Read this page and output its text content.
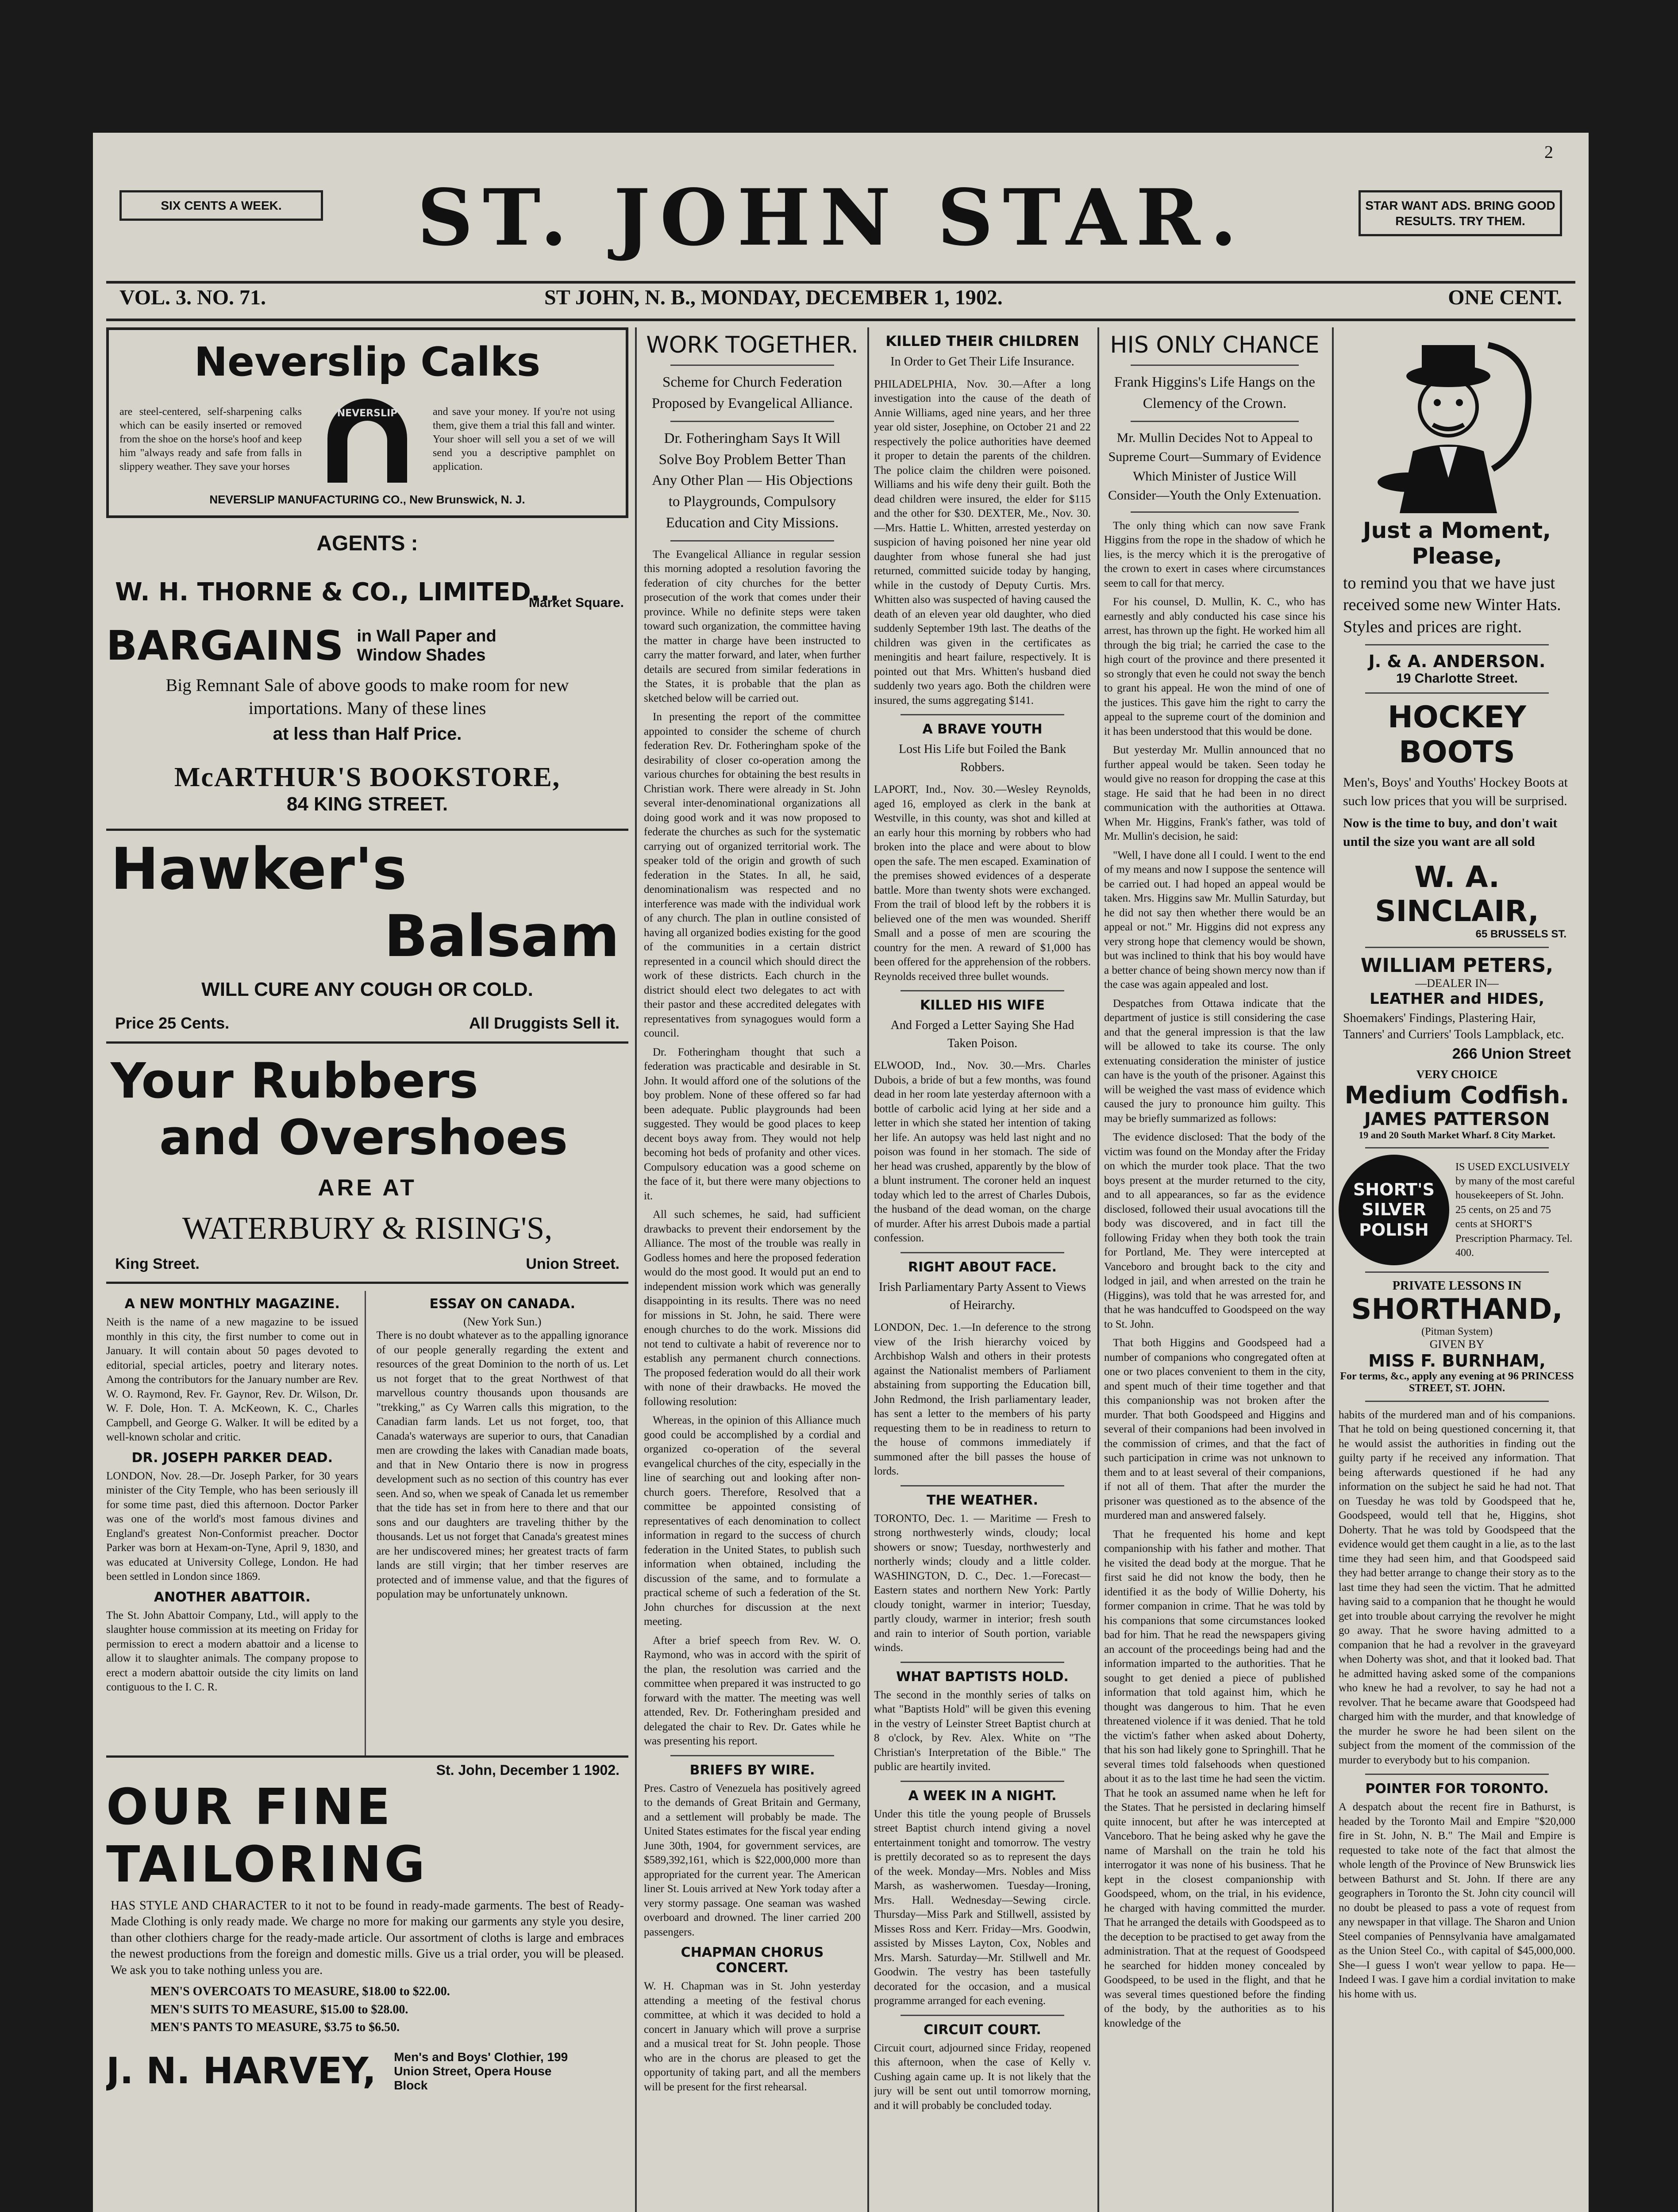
2
SIX CENTS A WEEK.	ST. JOHN STAR.	STAR WANT ADS. BRING GOOD RESULTS. TRY THEM.
VOL. 3. NO. 71.	ST JOHN, N. B., MONDAY, DECEMBER 1, 1902.	ONE CENT.
Neverslip Calks
are steel-centered, self-sharpening calks which can be easily inserted or removed from the shoe on the horse's hoof and keep him "always ready and safe from falls in slippery weather. They save your horses
NEVERSLIP	and save your money. If you're not using them, give them a trial this fall and winter. Your shoer will sell you a set of we will send you a descriptive pamphlet on application.
NEVERSLIP MANUFACTURING CO., New Brunswick, N. J.
AGENTS :
W. H. THORNE & CO., LIMITED...
Market Square.
BARGAINS in Wall Paper and Window Shades
Big Remnant Sale of above goods to make room for new importations. Many of these lines
at less than Half Price.
McARTHUR'S BOOKSTORE,
84 KING STREET.
Hawker's
Balsam
WILL CURE ANY COUGH OR COLD.
Price 25 Cents.	All Druggists Sell it.
Your Rubbers
and Overshoes
ARE AT
WATERBURY & RISING'S,
King Street.	Union Street.
A NEW MONTHLY MAGAZINE.
Neith is the name of a new magazine to be issued monthly in this city, the first number to come out in January. It will contain about 50 pages devoted to editorial, special articles, poetry and literary notes. Among the contributors for the January number are Rev. W. O. Raymond, Rev. Fr. Gaynor, Rev. Dr. Wilson, Dr. W. F. Dole, Hon. T. A. McKeown, K. C., Charles Campbell, and George G. Walker. It will be edited by a well-known scholar and critic.
DR. JOSEPH PARKER DEAD.
LONDON, Nov. 28.—Dr. Joseph Parker, for 30 years minister of the City Temple, who has been seriously ill for some time past, died this afternoon. Doctor Parker was one of the world's most famous divines and England's greatest Non-Conformist preacher. Doctor Parker was born at Hexam-on-Tyne, April 9, 1830, and was educated at University College, London. He had been settled in London since 1869.
ANOTHER ABATTOIR.
The St. John Abattoir Company, Ltd., will apply to the slaughter house commission at its meeting on Friday for permission to erect a modern abattoir and a license to allow it to slaughter animals. The company propose to erect a modern abattoir outside the city limits on land contiguous to the I. C. R.
ESSAY ON CANADA.
(New York Sun.)
There is no doubt whatever as to the appalling ignorance of our people generally regarding the extent and resources of the great Dominion to the north of us. Let us not forget that to the great Northwest of that marvellous country thousands upon thousands are "trekking," as Cy Warren calls this migration, to the Canadian farm lands. Let us not forget, too, that Canada's waterways are superior to ours, that Canadian men are crowding the lakes with Canadian made boats, and that in New Ontario there is now in progress development such as no section of this country has ever seen. And so, when we speak of Canada let us remember that the tide has set in from here to there and that our sons and our daughters are traveling thither by the thousands. Let us not forget that Canada's greatest mines are her undiscovered mines; her greatest tracts of farm lands are still virgin; that her timber reserves are protected and of immense value, and that the figures of population may be unfortunately unknown.
St. John, December 1 1902.
OUR FINE TAILORING
HAS STYLE AND CHARACTER to it not to be found in ready-made garments. The best of Ready-Made Clothing is only ready made. We charge no more for making our garments any style you desire, than other clothiers charge for the ready-made article. Our assortment of cloths is large and embraces the newest productions from the foreign and domestic mills. Give us a trial order, you will be pleased. We ask you to take nothing unless you are.
MEN'S OVERCOATS TO MEASURE, $18.00 to $22.00.
MEN'S SUITS TO MEASURE, $15.00 to $28.00.
MEN'S PANTS TO MEASURE, $3.75 to $6.50.
J. N. HARVEY, Men's and Boys' Clothier, 199 Union Street, Opera House Block
WORK TOGETHER.
Scheme for Church Federation Proposed by Evangelical Alliance.
Dr. Fotheringham Says It Will Solve Boy Problem Better Than Any Other Plan — His Objections to Playgrounds, Compulsory Education and City Missions.

The Evangelical Alliance in regular session this morning adopted a resolution favoring the federation of city churches for the better prosecution of the work that comes under their province. While no definite steps were taken toward such organization, the committee having the matter in charge have been instructed to carry the matter forward, and later, when further details are secured from similar federations in the States, it is probable that the plan as sketched below will be carried out.

In presenting the report of the committee appointed to consider the scheme of church federation Rev. Dr. Fotheringham spoke of the desirability of closer co-operation among the various churches for obtaining the best results in Christian work. There were already in St. John several inter-denominational organizations all doing good work and it was now proposed to federate the churches as such for the systematic carrying out of organized territorial work. The speaker told of the origin and growth of such federation in the States. In all, he said, denominationalism was respected and no interference was made with the individual work of any church. The plan in outline consisted of having all organized bodies existing for the good of the communities in a certain district represented in a council which should direct the work of these districts. Each church in the district should elect two delegates to act with their pastor and these accredited delegates with representatives from synagogues would form a council.

Dr. Fotheringham thought that such a federation was practicable and desirable in St. John. It would afford one of the solutions of the boy problem. None of these offered so far had been adequate. Public playgrounds had been suggested. They would be good places to keep decent boys away from. They would not help becoming hot beds of profanity and other vices. Compulsory education was a good scheme on the face of it, but there were many objections to it.

All such schemes, he said, had sufficient drawbacks to prevent their endorsement by the Alliance. The most of the trouble was really in Godless homes and here the proposed federation would do the most good. It would put an end to independent mission work which was generally disappointing in its results. There was no need for missions in St. John, he said. There were enough churches to do the work. Missions did not tend to cultivate a habit of reverence nor to establish any permanent church connections. The proposed federation would do all their work with none of their drawbacks. He moved the following resolution:

Whereas, in the opinion of this Alliance much good could be accomplished by a cordial and organized co-operation of the several evangelical churches of the city, especially in the line of searching out and looking after non-church goers. Therefore, Resolved that a committee be appointed consisting of representatives of each denomination to collect information in regard to the success of church federation in the United States, to publish such information when obtained, including the discussion of the same, and to formulate a practical scheme of such a federation of the St. John churches for discussion at the next meeting.

After a brief speech from Rev. W. O. Raymond, who was in accord with the spirit of the plan, the resolution was carried and the committee when prepared it was instructed to go forward with the matter. The meeting was well attended, Rev. Dr. Fotheringham presided and delegated the chair to Rev. Dr. Gates while he was presenting his report.

BRIEFS BY WIRE.
Pres. Castro of Venezuela has positively agreed to the demands of Great Britain and Germany, and a settlement will probably be made. The United States estimates for the fiscal year ending June 30th, 1904, for government services, are $589,392,161, which is $22,000,000 more than appropriated for the current year. The American liner St. Louis arrived at New York today after a very stormy passage. One seaman was washed overboard and drowned. The liner carried 200 passengers.
CHAPMAN CHORUS CONCERT.
W. H. Chapman was in St. John yesterday attending a meeting of the festival chorus committee, at which it was decided to hold a concert in January which will prove a surprise and a musical treat for St. John people. Those who are in the chorus are pleased to get the opportunity of taking part, and all the members will be present for the first rehearsal.
KILLED THEIR CHILDREN
In Order to Get Their Life Insurance.
PHILADELPHIA, Nov. 30.—After a long investigation into the cause of the death of Annie Williams, aged nine years, and her three year old sister, Josephine, on October 21 and 22 respectively the police authorities have deemed it proper to detain the parents of the children. The police claim the children were poisoned. Williams and his wife deny their guilt. Both the dead children were insured, the elder for $115 and the other for $30. DEXTER, Me., Nov. 30.—Mrs. Hattie L. Whitten, arrested yesterday on suspicion of having poisoned her nine year old daughter from whose funeral she had just returned, committed suicide today by hanging, while in the custody of Deputy Curtis. Mrs. Whitten also was suspected of having caused the death of an eleven year old daughter, who died suddenly September 19th last. The deaths of the children was given in the certificates as meningitis and heart failure, respectively. It is pointed out that Mrs. Whitten's husband died suddenly two years ago. Both the children were insured, the sums aggregating $141.
A BRAVE YOUTH
Lost His Life but Foiled the Bank Robbers.
LAPORT, Ind., Nov. 30.—Wesley Reynolds, aged 16, employed as clerk in the bank at Westville, in this county, was shot and killed at an early hour this morning by robbers who had broken into the place and were about to blow open the safe. The men escaped. Examination of the premises showed evidences of a desperate battle. More than twenty shots were exchanged. From the trail of blood left by the robbers it is believed one of the men was wounded. Sheriff Small and a posse of men are scouring the country for the men. A reward of $1,000 has been offered for the apprehension of the robbers. Reynolds received three bullet wounds.
KILLED HIS WIFE
And Forged a Letter Saying She Had Taken Poison.
ELWOOD, Ind., Nov. 30.—Mrs. Charles Dubois, a bride of but a few months, was found dead in her room late yesterday afternoon with a bottle of carbolic acid lying at her side and a letter in which she stated her intention of taking her life. An autopsy was held last night and no poison was found in her stomach. The side of her head was crushed, apparently by the blow of a blunt instrument. The coroner held an inquest today which led to the arrest of Charles Dubois, the husband of the dead woman, on the charge of murder. After his arrest Dubois made a partial confession.
RIGHT ABOUT FACE.
Irish Parliamentary Party Assent to Views of Heirarchy.
LONDON, Dec. 1.—In deference to the strong view of the Irish hierarchy voiced by Archbishop Walsh and others in their protests against the Nationalist members of Parliament abstaining from supporting the Education bill, John Redmond, the Irish parliamentary leader, has sent a letter to the members of his party requesting them to be in readiness to return to the house of commons immediately if summoned after the bill passes the house of lords.
THE WEATHER.
TORONTO, Dec. 1. — Maritime — Fresh to strong northwesterly winds, cloudy; local showers or snow; Tuesday, northwesterly and northerly winds; cloudy and a little colder. WASHINGTON, D. C., Dec. 1.—Forecast—Eastern states and northern New York: Partly cloudy tonight, warmer in interior; Tuesday, partly cloudy, warmer in interior; fresh south and rain to interior of South portion, variable winds.
WHAT BAPTISTS HOLD.
The second in the monthly series of talks on what "Baptists Hold" will be given this evening in the vestry of Leinster Street Baptist church at 8 o'clock, by Rev. Alex. White on "The Christian's Interpretation of the Bible." The public are heartily invited.
A WEEK IN A NIGHT.
Under this title the young people of Brussels street Baptist church intend giving a novel entertainment tonight and tomorrow. The vestry is prettily decorated so as to represent the days of the week. Monday—Mrs. Nobles and Miss Marsh, as washerwomen. Tuesday—Ironing, Mrs. Hall. Wednesday—Sewing circle. Thursday—Miss Park and Stillwell, assisted by Misses Ross and Kerr. Friday—Mrs. Goodwin, assisted by Misses Layton, Cox, Nobles and Mrs. Marsh. Saturday—Mr. Stillwell and Mr. Goodwin. The vestry has been tastefully decorated for the occasion, and a musical programme arranged for each evening.
CIRCUIT COURT.
Circuit court, adjourned since Friday, reopened this afternoon, when the case of Kelly v. Cushing again came up. It is not likely that the jury will be sent out until tomorrow morning, and it will probably be concluded today.
HIS ONLY CHANCE
Frank Higgins's Life Hangs on the Clemency of the Crown.
Mr. Mullin Decides Not to Appeal to Supreme Court—Summary of Evidence Which Minister of Justice Will Consider—Youth the Only Extenuation.

The only thing which can now save Frank Higgins from the rope in the shadow of which he lies, is the mercy which it is the prerogative of the crown to exert in cases where circumstances seem to call for that mercy.

For his counsel, D. Mullin, K. C., who has earnestly and ably conducted his case since his arrest, has thrown up the fight. He worked him all through the big trial; he carried the case to the high court of the province and there presented it so strongly that even he could not sway the bench to grant his appeal. He won the mind of one of the justices. This gave him the right to carry the appeal to the supreme court of the dominion and it has been understood that this would be done.

But yesterday Mr. Mullin announced that no further appeal would be taken. Seen today he would give no reason for dropping the case at this stage. He said that he had been in no direct communication with the authorities at Ottawa. When Mr. Higgins, Frank's father, was told of Mr. Mullin's decision, he said:

"Well, I have done all I could. I went to the end of my means and now I suppose the sentence will be carried out. I had hoped an appeal would be taken. Mrs. Higgins saw Mr. Mullin Saturday, but he did not say then whether there would be an appeal or not." Mr. Higgins did not express any very strong hope that clemency would be shown, but was inclined to think that his boy would have a better chance of being shown mercy now than if the case was again appealed and lost.

Despatches from Ottawa indicate that the department of justice is still considering the case and that the general impression is that the law will be allowed to take its course. The only extenuating consideration the minister of justice can have is the youth of the prisoner. Against this will be weighed the vast mass of evidence which caused the jury to pronounce him guilty. This may be briefly summarized as follows:

The evidence disclosed: That the body of the victim was found on the Monday after the Friday on which the murder took place. That the two boys present at the murder returned to the city, and to all appearances, so far as the evidence disclosed, followed their usual avocations till the body was discovered, and in fact till the following Friday when they both took the train for Portland, Me. They were intercepted at Vanceboro and brought back to the city and lodged in jail, and when arrested on the train he (Higgins), was told that he was arrested for, and that he was handcuffed to Goodspeed on the way to St. John.

That both Higgins and Goodspeed had a number of companions who congregated often at one or two places convenient to them in the city, and spent much of their time together and that this companionship was not broken after the murder. That both Goodspeed and Higgins and several of their companions had been involved in the commission of crimes, and that the fact of such participation in crime was not unknown to them and to at least several of their companions, if not all of them. That after the murder the prisoner was questioned as to the absence of the murdered man and answered falsely.

That he frequented his home and kept companionship with his father and mother. That he visited the dead body at the morgue. That he first said he did not know the body, then he identified it as the body of Willie Doherty, his former companion in crime. That he was told by his companions that some circumstances looked bad for him. That he read the newspapers giving an account of the proceedings being had and the information imparted to the authorities. That he sought to get denied a piece of published information that told against him, which he thought was dangerous to him. That he even threatened violence if it was denied. That he told the victim's father when asked about Doherty, that his son had likely gone to Springhill. That he several times told falsehoods when questioned about it as to the last time he had seen the victim. That he took an assumed name when he left for the States. That he persisted in declaring himself quite innocent, but after he was intercepted at Vanceboro. That he being asked why he gave the name of Marshall on the train he told his interrogator it was none of his business. That he kept in the closest companionship with Goodspeed, whom, on the trial, in his evidence, he charged with having committed the murder. That he arranged the details with Goodspeed as to the deception to be practised to get away from the administration. That at the request of Goodspeed he searched for hidden money concealed by Goodspeed, to be used in the flight, and that he was several times questioned before the finding of the body, by the authorities as to his knowledge of the

Just a Moment, Please,
to remind you that we have just received some new Winter Hats. Styles and prices are right.
J. & A. ANDERSON.
19 Charlotte Street.
HOCKEY BOOTS
Men's, Boys' and Youths' Hockey Boots at such low prices that you will be surprised.
Now is the time to buy, and don't wait until the size you want are all sold
W. A. SINCLAIR,
65 BRUSSELS ST.
WILLIAM PETERS,
—DEALER IN—
LEATHER and HIDES,
Shoemakers' Findings, Plastering Hair, Tanners' and Curriers' Tools Lampblack, etc.
266 Union Street
VERY CHOICE
Medium Codfish.
JAMES PATTERSON
19 and 20 South Market Wharf. 8 City Market.
SHORT'S
SILVER
POLISH
IS USED EXCLUSIVELY by many of the most careful housekeepers of St. John. 25 cents, on 25 and 75 cents at SHORT'S Prescription Pharmacy. Tel. 400.
PRIVATE LESSONS IN
SHORTHAND,
(Pitman System)
GIVEN BY
MISS F. BURNHAM,
For terms, &c., apply any evening at 96 PRINCESS STREET, ST. JOHN.
habits of the murdered man and of his companions. That he told on being questioned concerning it, that he would assist the authorities in finding out the guilty party if he received any information. That being afterwards questioned if he had any information on the subject he said he had not. That on Tuesday he was told by Goodspeed that he, Goodspeed, would tell that he, Higgins, shot Doherty. That he was told by Goodspeed that the evidence would get them caught in a lie, as to the last time they had seen him, and that Goodspeed said they had better arrange to change their story as to the last time they had seen the victim. That he admitted having said to a companion that he thought he would get into trouble about carrying the revolver he might go away. That he swore having admitted to a companion that he had a revolver in the graveyard when Doherty was shot, and that it looked bad. That he admitted having asked some of the companions who knew he had a revolver, to say he had not a revolver. That he became aware that Goodspeed had charged him with the murder, and that knowledge of the murder he swore he had been silent on the subject from the moment of the commission of the murder to everybody but to his companion.
POINTER FOR TORONTO.
A despatch about the recent fire in Bathurst, is headed by the Toronto Mail and Empire "$20,000 fire in St. John, N. B." The Mail and Empire is requested to take note of the fact that almost the whole length of the Province of New Brunswick lies between Bathurst and St. John. If there are any geographers in Toronto the St. John city council will no doubt be pleased to pass a vote of request from any newspaper in that village. The Sharon and Union Steel companies of Pennsylvania have amalgamated as the Union Steel Co., with capital of $45,000,000. She—I guess I won't wear yellow to papa. He—Indeed I was. I gave him a cordial invitation to make his home with us.
